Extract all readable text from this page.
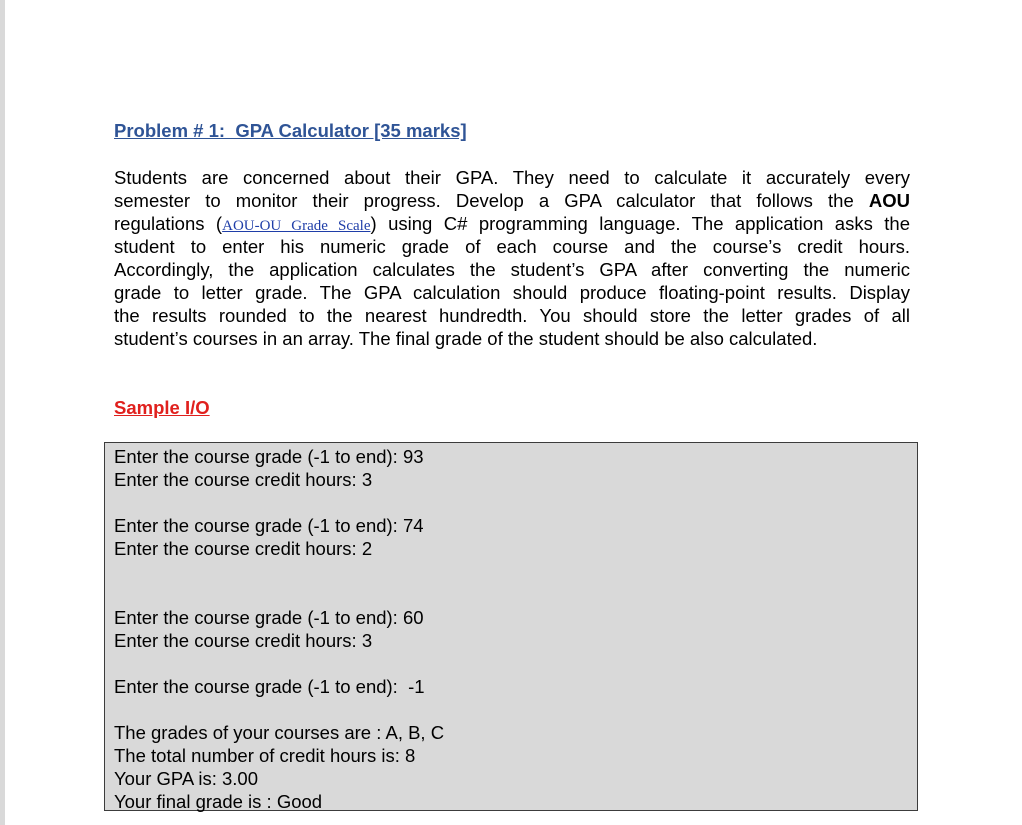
Problem # 1:  GPA Calculator [35 marks]
Students are concerned about their GPA. They need to calculate it accurately every
semester to monitor their progress. Develop a GPA calculator that follows the AOU
regulations (AOU-OU Grade Scale) using C# programming language. The application asks the
student to enter his numeric grade of each course and the course’s credit hours.
Accordingly, the application calculates the student’s GPA after converting the numeric
grade to letter grade. The GPA calculation should produce floating-point results. Display
the results rounded to the nearest hundredth. You should store the letter grades of all
student’s courses in an array. The final grade of the student should be also calculated.
Sample I/O
Enter the course grade (-1 to end): 93
Enter the course credit hours: 3
Enter the course grade (-1 to end): 74
Enter the course credit hours: 2
Enter the course grade (-1 to end): 60
Enter the course credit hours: 3
Enter the course grade (-1 to end):  -1
The grades of your courses are : A, B, C
The total number of credit hours is: 8
Your GPA is: 3.00
Your final grade is : Good
